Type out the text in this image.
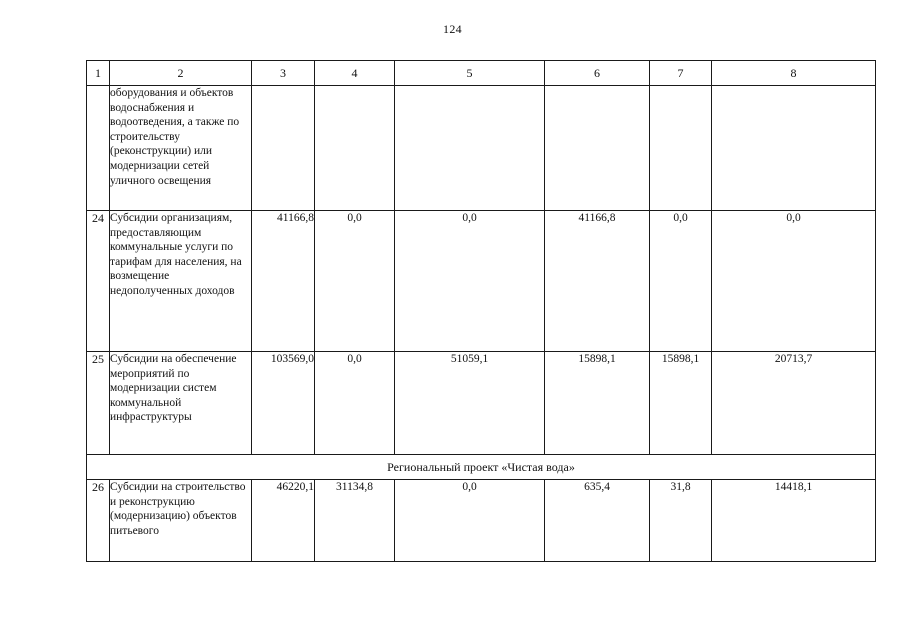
124
1	2	3	4	5	6	7	8
	оборудования и объектов водоснабжения и водоотведения, а также по строительству (реконструкции) или модернизации сетей уличного освещения						
24	Субсидии организациям, предоставляющим коммунальные услуги по тарифам для населения, на возмещение недополученных доходов	41166,8	0,0	0,0	41166,8	0,0	0,0
25	Субсидии на обеспечение мероприятий по модернизации систем коммунальной инфраструктуры	103569,0	0,0	51059,1	15898,1	15898,1	20713,7
Региональный проект «Чистая вода»							
26	Субсидии на строительство и реконструкцию (модернизацию) объектов питьевого	46220,1	31134,8	0,0	635,4	31,8	14418,1
